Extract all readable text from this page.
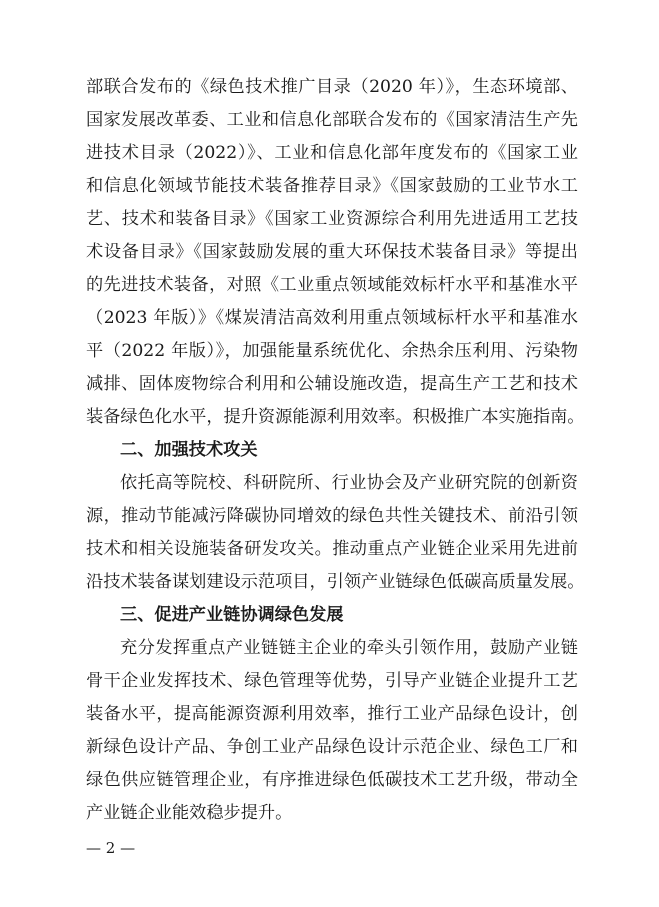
部联合发布的《绿色技术推广目录（2020 年）》，生态环境部、
国家发展改革委、工业和信息化部联合发布的《国家清洁生产先
进技术目录（2022）》、工业和信息化部年度发布的《国家工业
和信息化领域节能技术装备推荐目录》《国家鼓励的工业节水工
艺、技术和装备目录》《国家工业资源综合利用先进适用工艺技
术设备目录》《国家鼓励发展的重大环保技术装备目录》等提出
的先进技术装备，对照《工业重点领域能效标杆水平和基准水平
（2023 年版）》《煤炭清洁高效利用重点领域标杆水平和基准水
平（2022 年版）》，加强能量系统优化、余热余压利用、污染物
减排、固体废物综合利用和公辅设施改造，提高生产工艺和技术
装备绿色化水平，提升资源能源利用效率。积极推广本实施指南。
二、加强技术攻关
依托高等院校、科研院所、行业协会及产业研究院的创新资
源，推动节能减污降碳协同增效的绿色共性关键技术、前沿引领
技术和相关设施装备研发攻关。推动重点产业链企业采用先进前
沿技术装备谋划建设示范项目，引领产业链绿色低碳高质量发展。
三、促进产业链协调绿色发展
充分发挥重点产业链链主企业的牵头引领作用，鼓励产业链
骨干企业发挥技术、绿色管理等优势，引导产业链企业提升工艺
装备水平，提高能源资源利用效率，推行工业产品绿色设计，创
新绿色设计产品、争创工业产品绿色设计示范企业、绿色工厂和
绿色供应链管理企业，有序推进绿色低碳技术工艺升级，带动全
产业链企业能效稳步提升。
— 2 —
